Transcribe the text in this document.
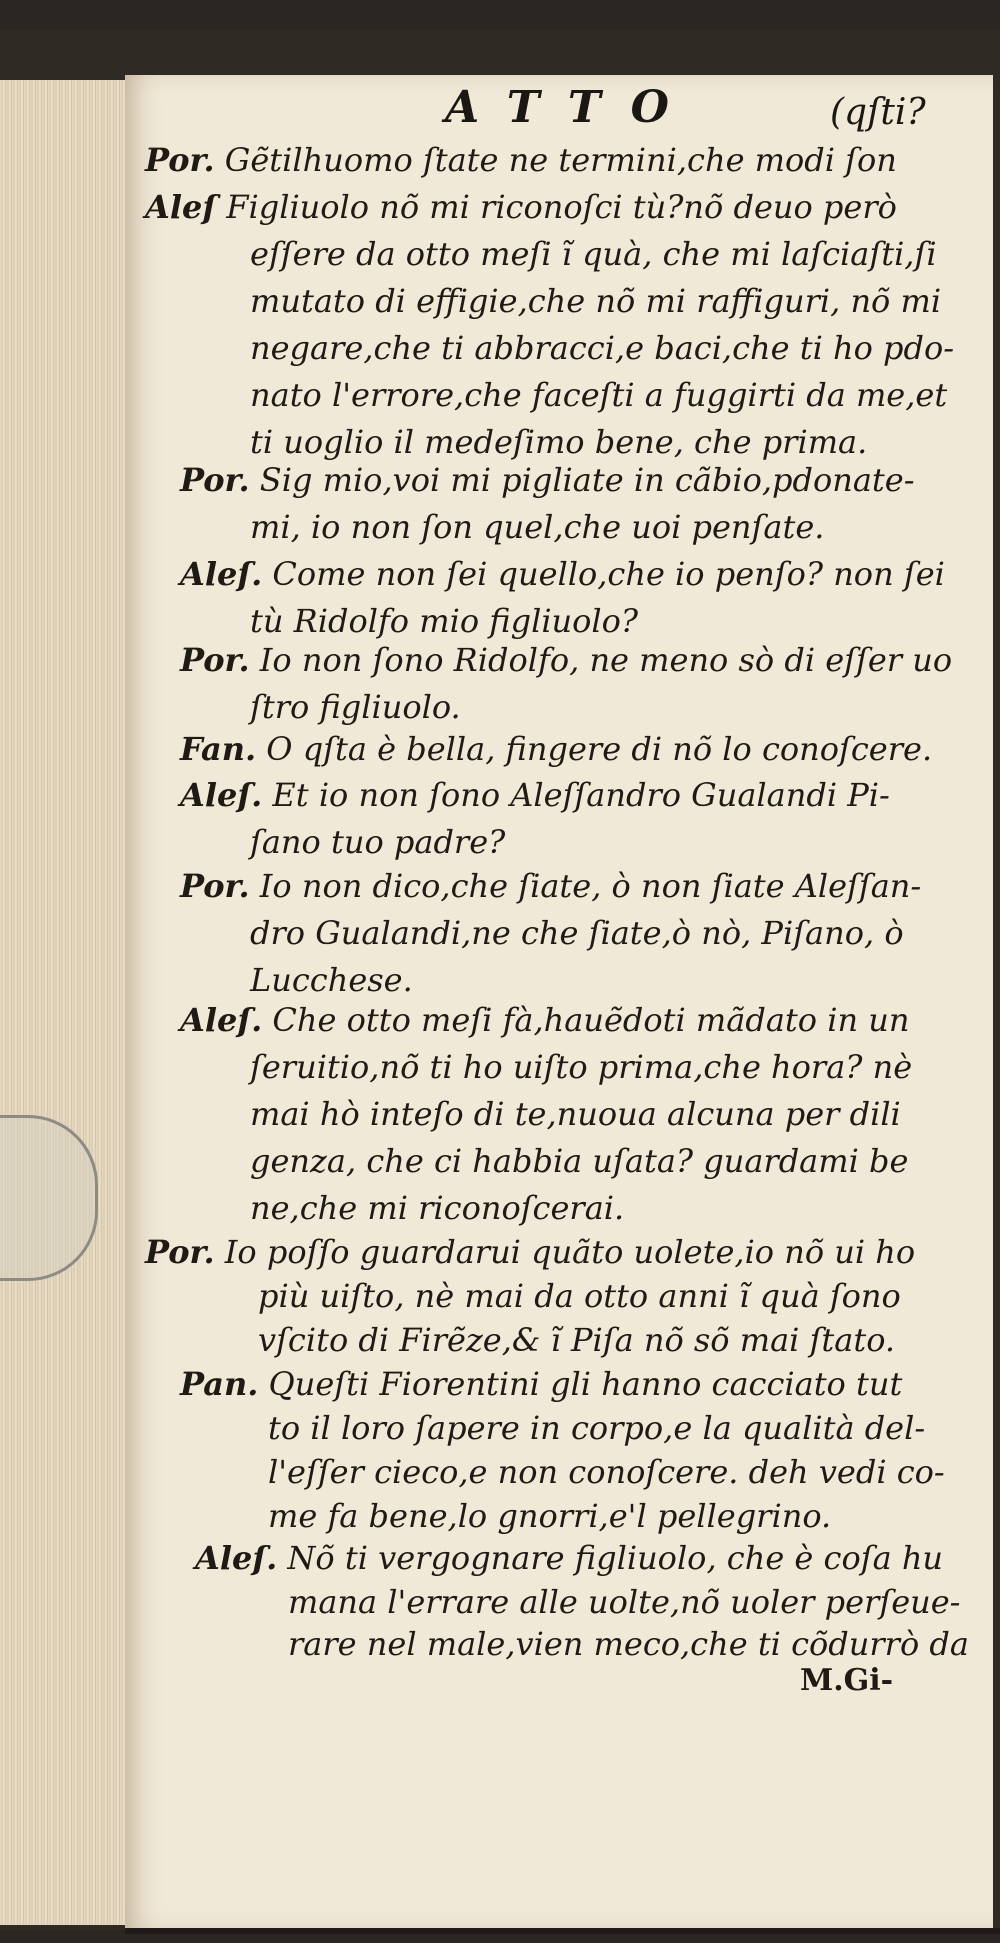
ATTO	(qſti?
Por. Gẽtilhuomo ſtate ne termini,che modi ſon
Aleſ Figliuolo nõ mi riconoſci tù?nõ deuo però
eſſere da otto meſi ĩ quà, che mi laſciaſti,ſi
mutato di effigie,che nõ mi raffiguri, nõ mi
negare,che ti abbracci,e baci,che ti ho pdo-
nato l'errore,che faceſti a fuggirti da me,et
ti uoglio il medeſimo bene, che prima.
Por. Sig mio,voi mi pigliate in cãbio,pdonate-
mi, io non ſon quel,che uoi penſate.
Aleſ. Come non ſei quello,che io penſo? non ſei
tù Ridolfo mio figliuolo?
Por. Io non ſono Ridolfo, ne meno sò di eſſer uo
ſtro figliuolo.
Fan. O qſta è bella, fingere di nõ lo conoſcere.
Aleſ. Et io non ſono Aleſſandro Gualandi Pi-
ſano tuo padre?
Por. Io non dico,che ſiate, ò non ſiate Aleſſan-
dro Gualandi,ne che ſiate,ò nò, Piſano, ò
Lucchese.
Aleſ. Che otto meſi fà,hauẽdoti mãdato in un
ſeruitio,nõ ti ho uiſto prima,che hora? nè
mai hò inteſo di te,nuoua alcuna per dili
genza, che ci habbia uſata? guardami be
ne,che mi riconoſcerai.
Por. Io poſſo guardarui quãto uolete,io nõ ui ho
più uiſto, nè mai da otto anni ĩ quà ſono
vſcito di Firẽze,& ĩ Piſa nõ sõ mai ſtato.
Pan. Queſti Fiorentini gli hanno cacciato tut
to il loro ſapere in corpo,e la qualità del-
l'eſſer cieco,e non conoſcere. deh vedi co-
me fa bene,lo gnorri,e'l pellegrino.
Aleſ. Nõ ti vergognare figliuolo, che è coſa hu
mana l'errare alle uolte,nõ uoler perſeue-
rare nel male,vien meco,che ti cõdurrò da
M.Gi-
